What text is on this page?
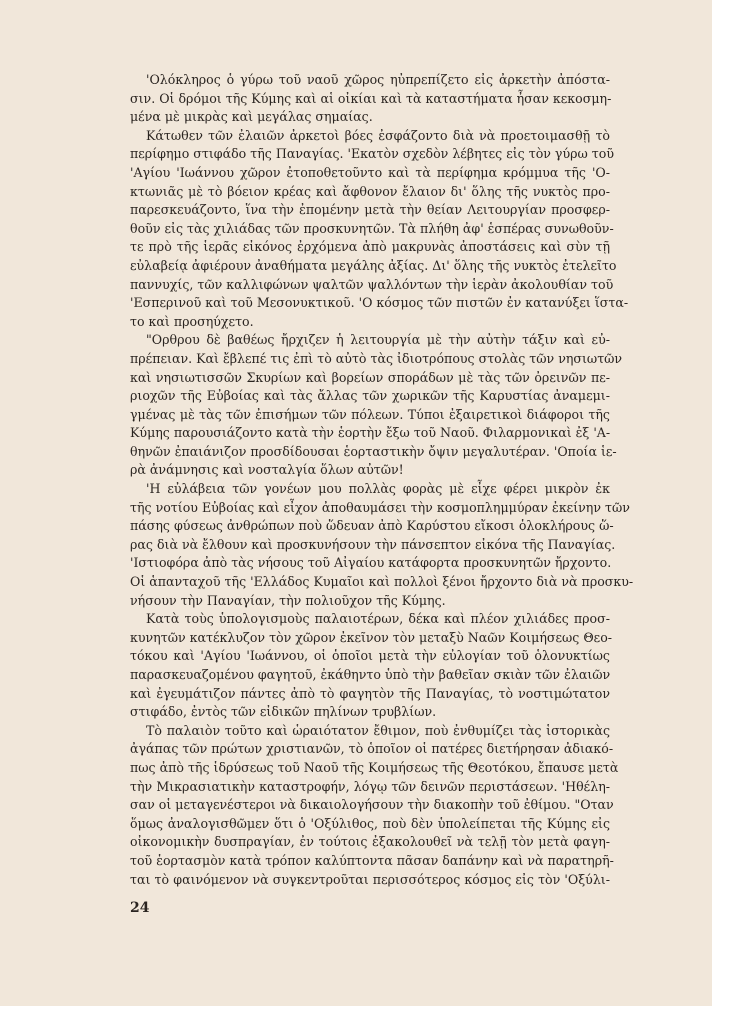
'Ολόκληρος ὁ γύρω τοῦ ναοῦ χῶρος ηὐπρεπίζετο εἰς ἀρκετὴν ἀπόστα-
σιν. Οἱ δρόμοι τῆς Κύμης καὶ αἱ οἰκίαι καὶ τὰ καταστήματα ἦσαν κεκοσμη-
μένα μὲ μικρὰς καὶ μεγάλας σημαίας.
Κάτωθεν τῶν ἐλαιῶν ἀρκετοὶ βόες ἐσφάζοντο διὰ νὰ προετοιμασθῇ τὸ
περίφημο στιφάδο τῆς Παναγίας. 'Εκατὸν σχεδὸν λέβητες εἰς τὸν γύρω τοῦ
'Αγίου 'Ιωάννου χῶρον ἐτοποθετοῦντο καὶ τὰ περίφημα κρόμμυα τῆς 'Ο-
κτωνιᾶς μὲ τὸ βόειον κρέας καὶ ἄφθονον ἔλαιον δι' ὅλης τῆς νυκτὸς προ-
παρεσκευάζοντο, ἵνα τὴν ἐπομένην μετὰ τὴν θείαν Λειτουργίαν προσφερ-
θοῦν εἰς τὰς χιλιάδας τῶν προσκυνητῶν. Τὰ πλήθη ἀφ' ἑσπέρας συνωθοῦν-
τε πρὸ τῆς ἱερᾶς εἰκόνος ἐρχόμενα ἀπὸ μακρυνὰς ἀποστάσεις καὶ σὺν τῇ
εὐλαβείᾳ ἀφιέρουν ἀναθήματα μεγάλης ἀξίας. Δι' ὅλης τῆς νυκτὸς ἐτελεῖτο
παννυχίς, τῶν καλλιφώνων ψαλτῶν ψαλλόντων τὴν ἱερὰν ἀκολουθίαν τοῦ
'Εσπερινοῦ καὶ τοῦ Μεσονυκτικοῦ. 'Ο κόσμος τῶν πιστῶν ἐν κατανύξει ἵστα-
το καὶ προσηύχετο.
"Ορθρου δὲ βαθέως ἤρχιζεν ἡ λειτουργία μὲ τὴν αὐτὴν τάξιν καὶ εὐ-
πρέπειαν. Καὶ ἔβλεπέ τις ἐπὶ τὸ αὐτὸ τὰς ἰδιοτρόπους στολὰς τῶν νησιωτῶν
καὶ νησιωτισσῶν Σκυρίων καὶ βορείων σποράδων μὲ τὰς τῶν ὀρεινῶν πε-
ριοχῶν τῆς Εὐβοίας καὶ τὰς ἄλλας τῶν χωρικῶν τῆς Καρυστίας ἀναμεμι-
γμένας μὲ τὰς τῶν ἐπισήμων τῶν πόλεων. Τύποι ἐξαιρετικοὶ διάφοροι τῆς
Κύμης παρουσιάζοντο κατὰ τὴν ἑορτὴν ἔξω τοῦ Ναοῦ. Φιλαρμονικαὶ ἐξ 'Α-
θηνῶν ἐπαιάνιζον προσδίδουσαι ἑορταστικὴν ὄψιν μεγαλυτέραν. 'Οποία ἱε-
ρὰ ἀνάμνησις καὶ νοσταλγία ὅλων αὐτῶν!
'Η εὐλάβεια τῶν γονέων μου πολλὰς φορὰς μὲ εἶχε φέρει μικρὸν ἐκ
τῆς νοτίου Εὐβοίας καὶ εἶχον ἀποθαυμάσει τὴν κοσμοπλημμύραν ἐκείνην τῶν
πάσης φύσεως ἀνθρώπων ποὺ ὥδευαν ἀπὸ Καρύστου εἴκοσι ὁλοκλήρους ὥ-
ρας διὰ νὰ ἔλθουν καὶ προσκυνήσουν τὴν πάνσεπτον εἰκόνα τῆς Παναγίας.
'Ιστιοφόρα ἀπὸ τὰς νήσους τοῦ Αἰγαίου κατάφορτα προσκυνητῶν ἤρχοντο.
Οἱ ἁπανταχοῦ τῆς 'Ελλάδος Κυμαῖοι καὶ πολλοὶ ξένοι ἤρχοντο διὰ νὰ προσκυ-
νήσουν τὴν Παναγίαν, τὴν πολιοῦχον τῆς Κύμης.
Κατὰ τοὺς ὑπολογισμοὺς παλαιοτέρων, δέκα καὶ πλέον χιλιάδες προσ-
κυνητῶν κατέκλυζον τὸν χῶρον ἐκεῖνον τὸν μεταξὺ Ναῶν Κοιμήσεως Θεο-
τόκου καὶ 'Αγίου 'Ιωάννου, οἱ ὁποῖοι μετὰ τὴν εὐλογίαν τοῦ ὁλονυκτίως
παρασκευαζομένου φαγητοῦ, ἐκάθηντο ὑπὸ τὴν βαθεῖαν σκιὰν τῶν ἐλαιῶν
καὶ ἐγευμάτιζον πάντες ἀπὸ τὸ φαγητὸν τῆς Παναγίας, τὸ νοστιμώτατον
στιφάδο, ἐντὸς τῶν εἰδικῶν πηλίνων τρυβλίων.
Τὸ παλαιὸν τοῦτο καὶ ὡραιότατον ἔθιμον, ποὺ ἐνθυμίζει τὰς ἱστορικὰς
ἀγάπας τῶν πρώτων χριστιανῶν, τὸ ὁποῖον οἱ πατέρες διετήρησαν ἀδιακό-
πως ἀπὸ τῆς ἱδρύσεως τοῦ Ναοῦ τῆς Κοιμήσεως τῆς Θεοτόκου, ἔπαυσε μετὰ
τὴν Μικρασιατικὴν καταστροφήν, λόγῳ τῶν δεινῶν περιστάσεων. 'Ηθέλη-
σαν οἱ μεταγενέστεροι νὰ δικαιολογήσουν τὴν διακοπὴν τοῦ ἐθίμου. "Οταν
ὅμως ἀναλογισθῶμεν ὅτι ὁ 'Οξύλιθος, ποὺ δὲν ὑπολείπεται τῆς Κύμης εἰς
οἰκονομικὴν δυσπραγίαν, ἐν τούτοις ἐξακολουθεῖ νὰ τελῇ τὸν μετὰ φαγη-
τοῦ ἑορτασμὸν κατὰ τρόπον καλύπτοντα πᾶσαν δαπάνην καὶ νὰ παρατηρῆ-
ται τὸ φαινόμενον νὰ συγκεντροῦται περισσότερος κόσμος εἰς τὸν 'Οξύλι-
24
